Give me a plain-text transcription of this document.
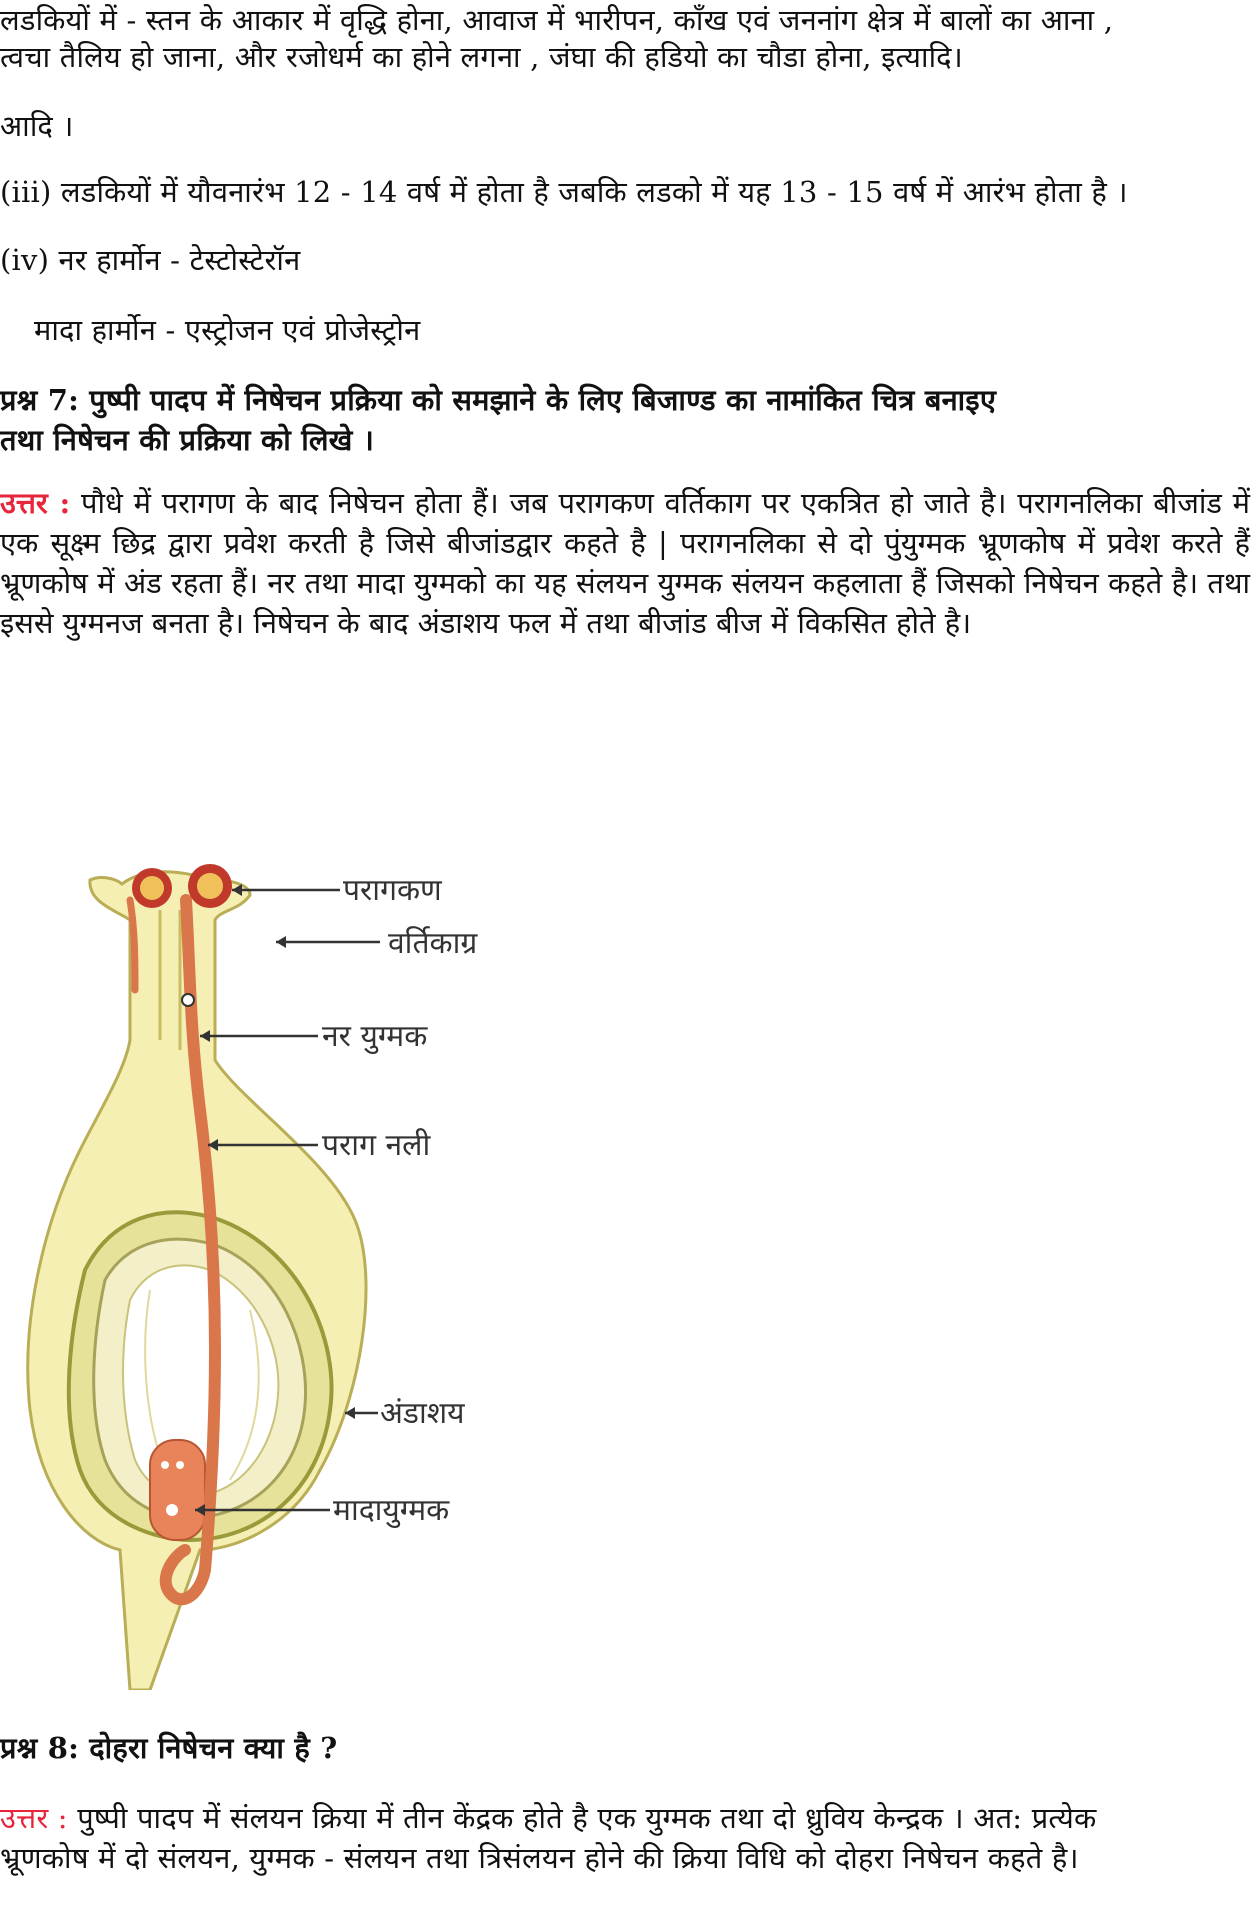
लडकियों में - स्तन के आकार में वृद्धि होना, आवाज में भारीपन, काँख एवं जननांग क्षेत्र में बालों का आना ,
त्वचा तैलिय हो जाना, और रजोधर्म का होने लगना , जंघा की हडियो का चौडा होना, इत्यादि।
आदि ।
(iii) लडकियों में यौवनारंभ 12 - 14 वर्ष में होता है जबकि लडको में यह 13 - 15 वर्ष में आरंभ होता है ।
(iv) नर हार्मोन - टेस्टोस्टेरॉन
मादा हार्मोन - एस्ट्रोजन एवं प्रोजेस्ट्रोन
प्रश्न 7: पुष्पी पादप में निषेचन प्रक्रिया को समझाने के लिए बिजाण्ड का नामांकित चित्र बनाइए
तथा निषेचन की प्रक्रिया को लिखे ।
उत्तर : पौधे में परागण के बाद निषेचन होता हैं। जब परागकण वर्तिकाग पर एकत्रित हो जाते है। परागनलिका बीजांड में एक सूक्ष्म छिद्र द्वारा प्रवेश करती है जिसे बीजांडद्वार कहते है | परागनलिका से दो पुंयुग्मक भ्रूणकोष में प्रवेश करते हैं भ्रूणकोष में अंड रहता हैं। नर तथा मादा युग्मको का यह संलयन युग्मक संलयन कहलाता हैं जिसको निषेचन कहते है। तथा इससे युग्मनज बनता है। निषेचन के बाद अंडाशय फल में तथा बीजांड बीज में विकसित होते है।
परागकण
वर्तिकाग्र
नर युग्मक
पराग नली
अंडाशय
मादायुग्मक
प्रश्न 8: दोहरा निषेचन क्या है ?
उत्तर : पुष्पी पादप में संलयन क्रिया में तीन केंद्रक होते है एक युग्मक तथा दो ध्रुविय केन्द्रक । अत: प्रत्येक
भ्रूणकोष में दो संलयन, युग्मक - संलयन तथा त्रिसंलयन होने की क्रिया विधि को दोहरा निषेचन कहते है।
